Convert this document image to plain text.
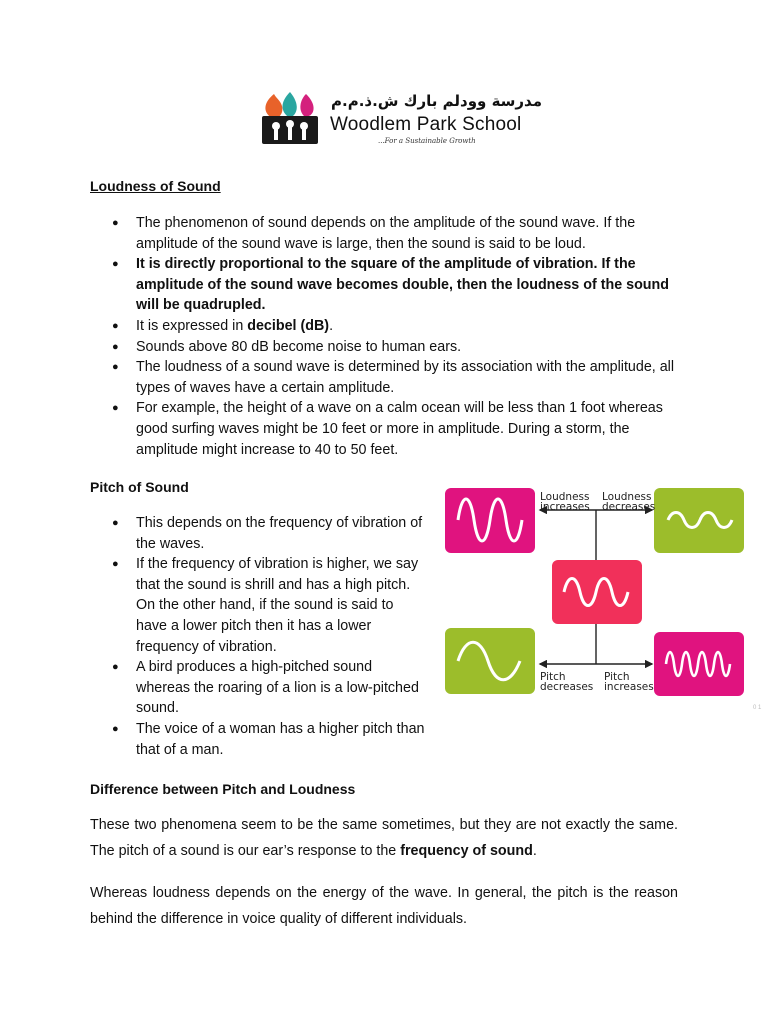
مدرسة وودلم بارك ش.ذ.م.م
Woodlem Park School
...For a Sustainable Growth
Loudness of Sound
● The phenomenon of sound depends on the amplitude of the sound wave. If the amplitude of the sound wave is large, then the sound is said to be loud.
● It is directly proportional to the square of the amplitude of vibration. If the amplitude of the sound wave becomes double, then the loudness of the sound will be quadrupled.
● It is expressed in decibel (dB).
● Sounds above 80 dB become noise to human ears.
● The loudness of a sound wave is determined by its association with the amplitude, all types of waves have a certain amplitude.
● For example, the height of a wave on a calm ocean will be less than 1 foot whereas good surfing waves might be 10 feet or more in amplitude. During a storm, the amplitude might increase to 40 to 50 feet.
Pitch of Sound
● This depends on the frequency of vibration of the waves.
● If the frequency of vibration is higher, we say that the sound is shrill and has a high pitch. On the other hand, if the sound is said to have a lower pitch then it has a lower frequency of vibration.
● A bird produces a high-pitched sound whereas the roaring of a lion is a low-pitched sound.
● The voice of a woman has a higher pitch than that of a man.
Loudness
increases
Loudness
decreases
Pitch
decreases
Pitch
increases
0 1
Difference between Pitch and Loudness
These two phenomena seem to be the same sometimes, but they are not exactly the same. The pitch of a sound is our ear’s response to the frequency of sound.
Whereas loudness depends on the energy of the wave. In general, the pitch is the reason behind the difference in voice quality of different individuals.
